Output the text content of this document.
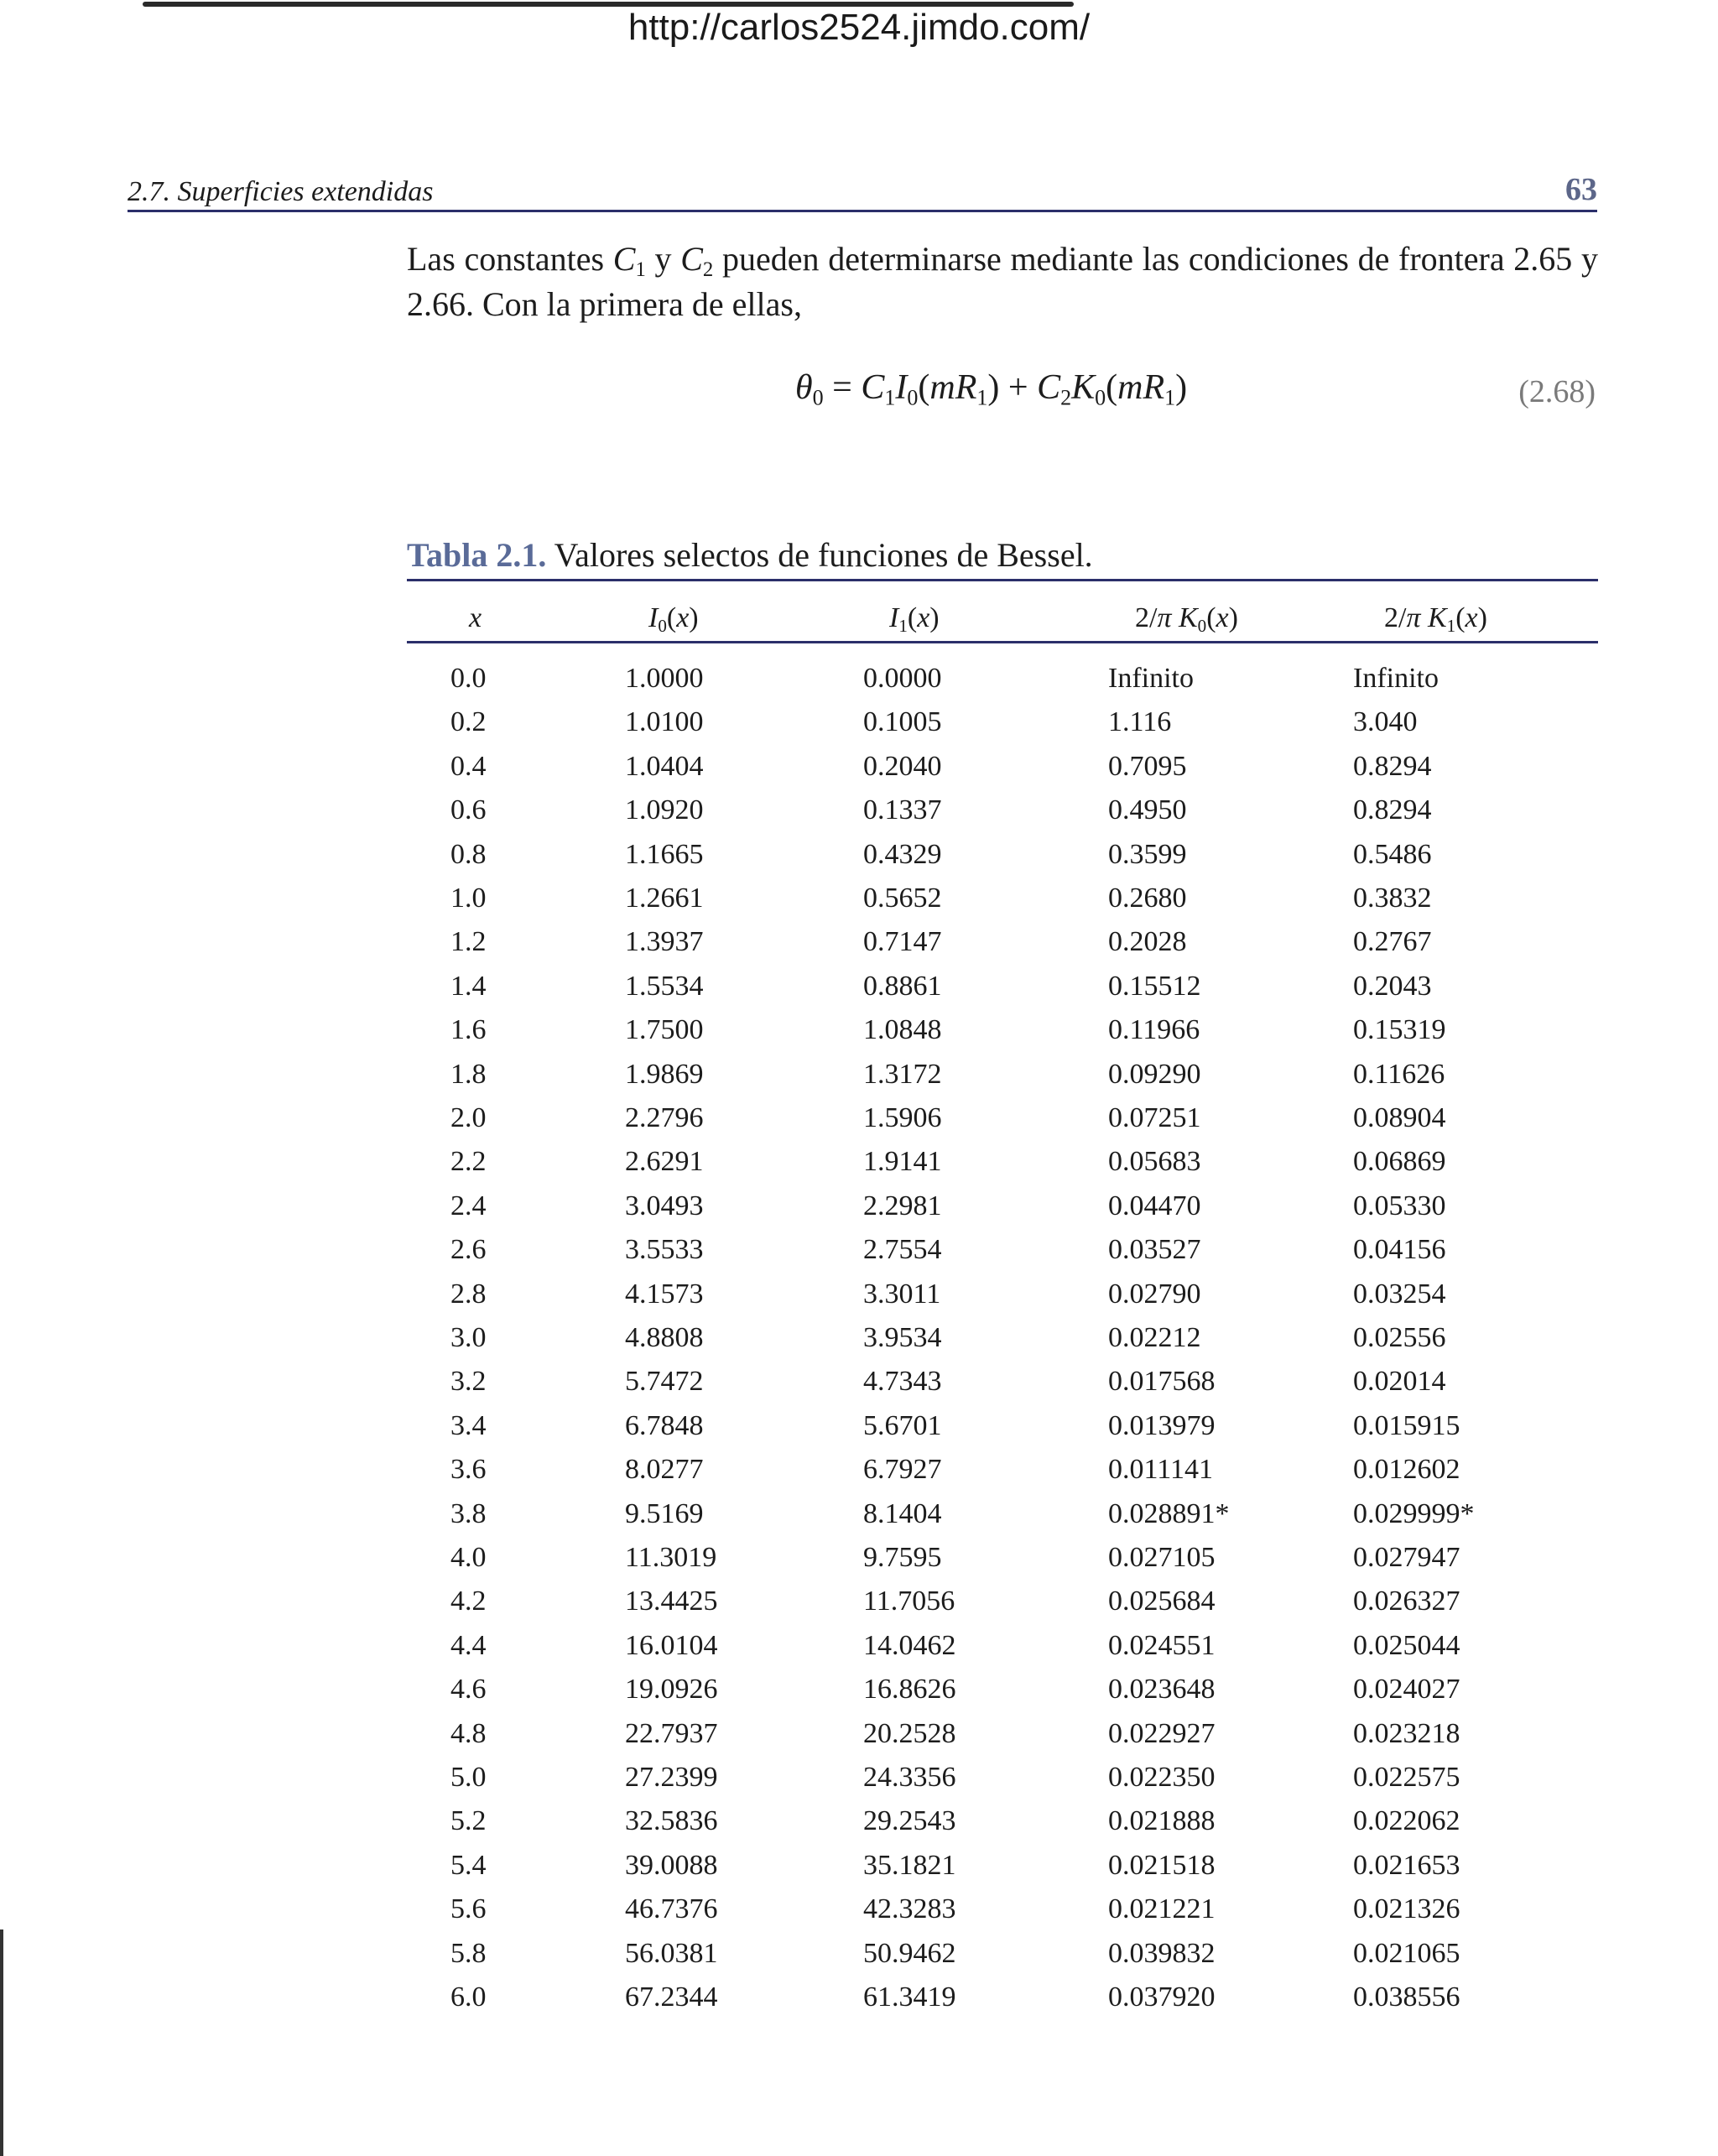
http://carlos2524.jimdo.com/
2.7. Superficies extendidas	63
Las constantes $C_1$ y $C_2$ pueden determinarse mediante las condiciones de frontera 2.65 y 2.66. Con la primera de ellas,
$\theta_0 = C_1I_0(mR_1) + C_2K_0(mR_1)$	(2.68)
Tabla 2.1. Valores selectos de funciones de Bessel.
x	$I_0(x)$	$I_1(x)$	2/π $K_0(x)$	2/π $K_1(x)$
0.0	1.0000	0.0000	Infinito	Infinito
0.2	1.0100	0.1005	1.116	3.040
0.4	1.0404	0.2040	0.7095	0.8294
0.6	1.0920	0.1337	0.4950	0.8294
0.8	1.1665	0.4329	0.3599	0.5486
1.0	1.2661	0.5652	0.2680	0.3832
1.2	1.3937	0.7147	0.2028	0.2767
1.4	1.5534	0.8861	0.15512	0.2043
1.6	1.7500	1.0848	0.11966	0.15319
1.8	1.9869	1.3172	0.09290	0.11626
2.0	2.2796	1.5906	0.07251	0.08904
2.2	2.6291	1.9141	0.05683	0.06869
2.4	3.0493	2.2981	0.04470	0.05330
2.6	3.5533	2.7554	0.03527	0.04156
2.8	4.1573	3.3011	0.02790	0.03254
3.0	4.8808	3.9534	0.02212	0.02556
3.2	5.7472	4.7343	0.017568	0.02014
3.4	6.7848	5.6701	0.013979	0.015915
3.6	8.0277	6.7927	0.011141	0.012602
3.8	9.5169	8.1404	0.028891*	0.029999*
4.0	11.3019	9.7595	0.027105	0.027947
4.2	13.4425	11.7056	0.025684	0.026327
4.4	16.0104	14.0462	0.024551	0.025044
4.6	19.0926	16.8626	0.023648	0.024027
4.8	22.7937	20.2528	0.022927	0.023218
5.0	27.2399	24.3356	0.022350	0.022575
5.2	32.5836	29.2543	0.021888	0.022062
5.4	39.0088	35.1821	0.021518	0.021653
5.6	46.7376	42.3283	0.021221	0.021326
5.8	56.0381	50.9462	0.039832	0.021065
6.0	67.2344	61.3419	0.037920	0.038556
